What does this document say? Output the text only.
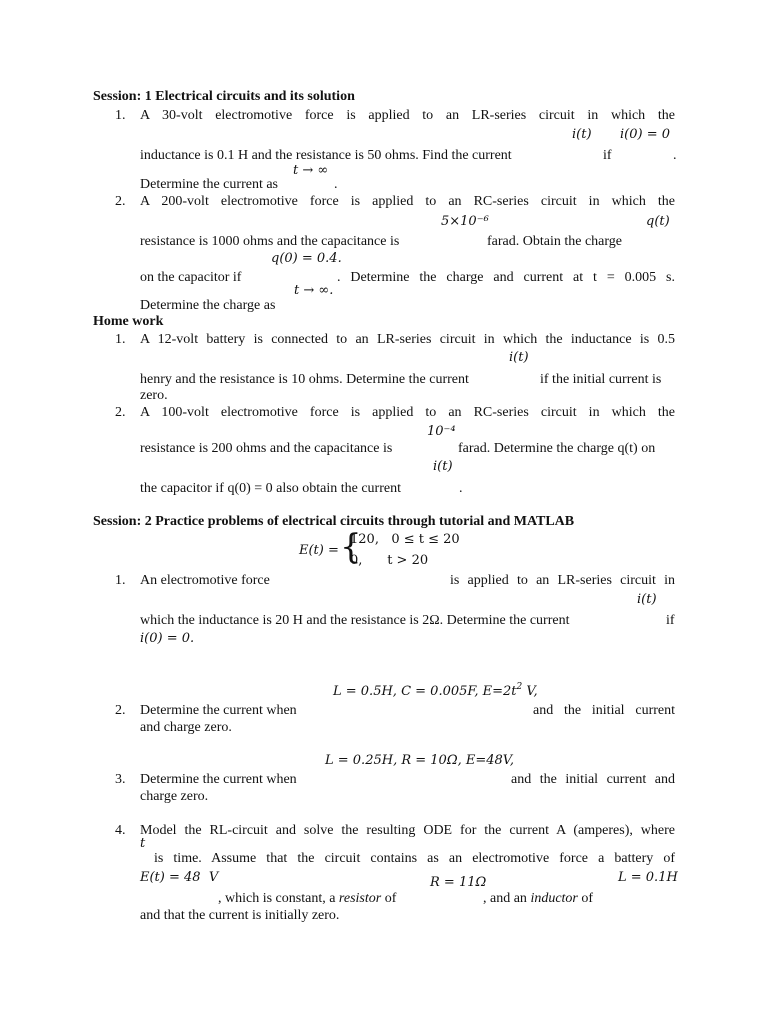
Session: 1 Electrical circuits and its solution
1. A 30-volt electromotive force is applied to an LR-series circuit in which the
i(t) i(0) = 0
inductance is 0.1 H and the resistance is 50 ohms. Find the current	if	.
t → ∞
Determine the current as	.
2. A 200-volt electromotive force is applied to an RC-series circuit in which the
5×10⁻⁶	q(t)
resistance is 1000 ohms and the capacitance is	farad. Obtain the charge
q(0) = 0.4.
on the capacitor if	. Determine the charge and current at t = 0.005 s.
t → ∞.
Determine the charge as
Home work
1. A 12-volt battery is connected to an LR-series circuit in which the inductance is 0.5
i(t)
henry and the resistance is 10 ohms. Determine the current	if the initial current is
zero.
2. A 100-volt electromotive force is applied to an RC-series circuit in which the
10⁻⁴
resistance is 200 ohms and the capacitance is	farad. Determine the charge q(t) on
i(t)
the capacitor if q(0) = 0 also obtain the current	.
Session: 2 Practice problems of electrical circuits through tutorial and MATLAB
E(t) = {
120,   0 ≤ t ≤ 20
0,      t > 20
1. An electromotive force	is applied to an LR-series circuit in
i(t)
which the inductance is 20 H and the resistance is 2Ω. Determine the current	if
i(0) = 0.
L = 0.5H, C = 0.005F, $E=2t^2$ V,
2. Determine the current when	and the initial current
and charge zero.
L = 0.25H, R = 10Ω, E=48V,
3. Determine the current when	and the initial current and
charge zero.
4. Model the RL-circuit and solve the resulting ODE for the current A (amperes), where
t
is time. Assume that the circuit contains as an electromotive force a battery of
E(t) = 48  V	R = 11Ω	L = 0.1H
, which is constant, a resistor of	, and an inductor of
and that the current is initially zero.
